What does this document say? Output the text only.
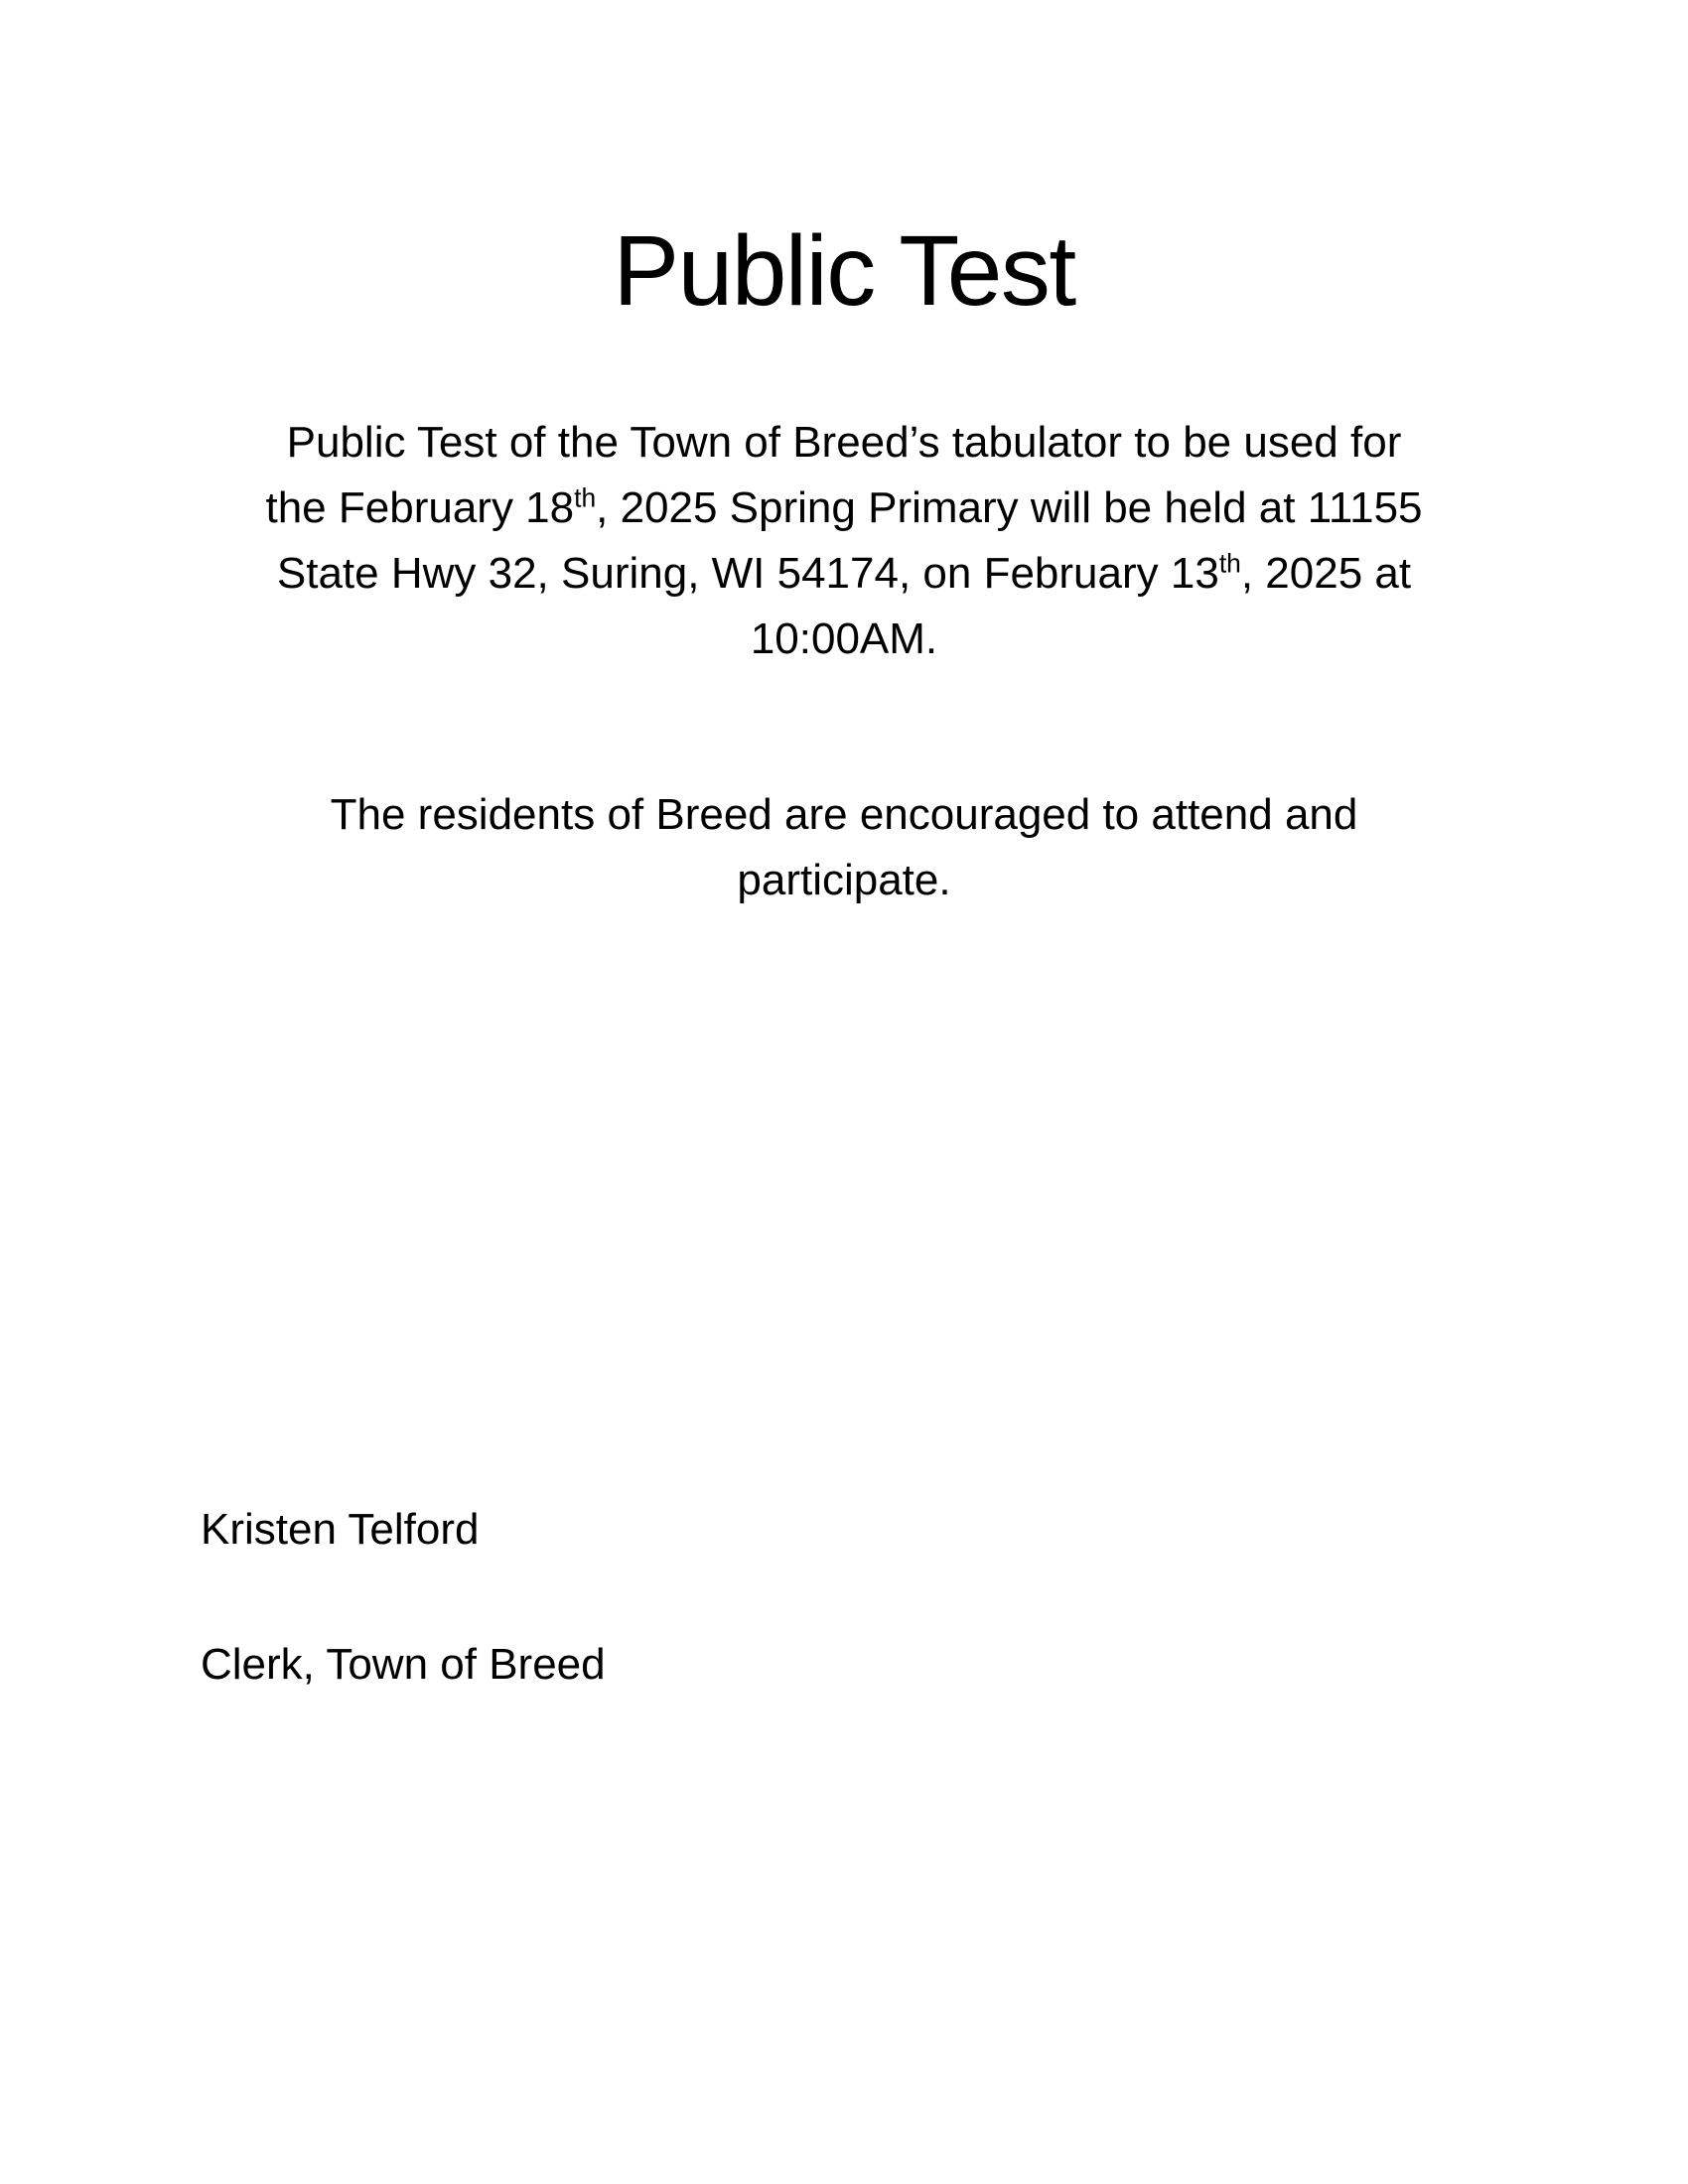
Public Test

Public Test of the Town of Breed’s tabulator to be used for the February 18th, 2025 Spring Primary will be held at 11155 State Hwy 32, Suring, WI 54174, on February 13th, 2025 at 10:00AM.

The residents of Breed are encouraged to attend and participate.

Kristen Telford

Clerk, Town of Breed
